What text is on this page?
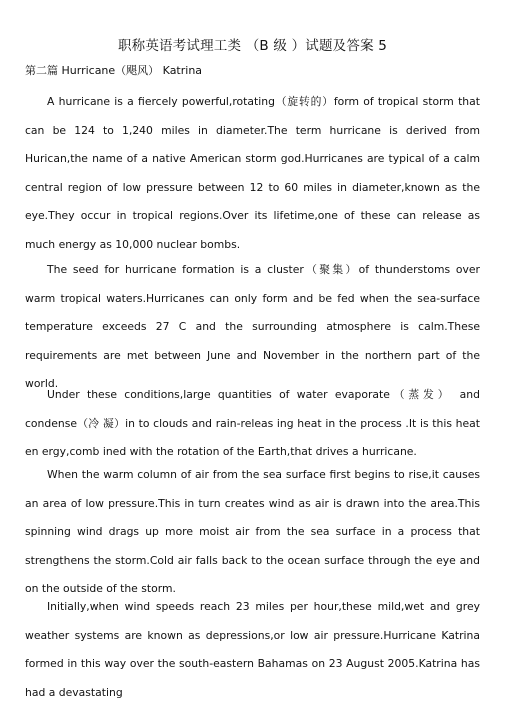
职称英语考试理工类 （B 级 ）试题及答案 5
第二篇 Hurricane（飓风） Katrina

A hurricane is a fiercely powerful,rotating（旋转的）form of tropical storm that can be 124 to 1,240 miles in diameter.The term hurricane is derived from Hurican,the name of a native American storm god.Hurricanes are typical of a calm central region of low pressure between 12 to 60 miles in diameter,known as the eye.They occur in tropical regions.Over its lifetime,one of these can release as much energy as 10,000 nuclear bombs.

The seed for hurricane formation is a cluster（聚集）of thunderstoms over warm tropical waters.Hurricanes can only form and be fed when the sea-surface temperature exceeds 27 C and the surrounding atmosphere is calm.These requirements are met between June and November in the northern part of the world.

Under these conditions,large quantities of water evaporate（蒸发） and condense（冷 凝）in to clouds and rain-releas ing heat in the process .It is this heat en ergy,comb ined with the rotation of the Earth,that drives a hurricane.

When the warm column of air from the sea surface first begins to rise,it causes an area of low pressure.This in turn creates wind as air is drawn into the area.This spinning wind drags up more moist air from the sea surface in a process that strengthens the storm.Cold air falls back to the ocean surface through the eye and on the outside of the storm.

Initially,when wind speeds reach 23 miles per hour,these mild,wet and grey weather systems are known as depressions,or low air pressure.Hurricane Katrina formed in this way over the south-eastern Bahamas on 23 August 2005.Katrina has had a devastating
